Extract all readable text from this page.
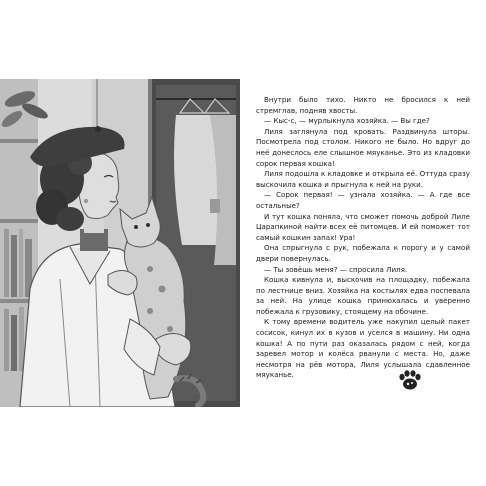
Внутри было тихо. Никто не бросился к ней стремглав, подняв хвосты.

— Кыс-с, — мурлыкнула хозяйка. — Вы где?

Лиля заглянула под кровать. Раздвинула шторы. Посмотрела под столом. Никого не было. Но вдруг до неё донеслось еле слышное мяуканье. Это из кладовки сорок первая кошка!

Лиля подошла к кладовке и открыла её. Оттуда сразу выскочила кошка и прыгнула к ней на руки.

— Сорок первая! — узнала хозяйка. — А где все остальные?

И тут кошка поняла, что сможет помочь доброй Лиле Царапкиной найти всех её питомцев. И ей поможет тот самый кошкин запах! Ура!

Она спрыгнула с рук, побежала к порогу и у самой двери повернулась.

— Ты зовёшь меня? — спросила Лиля.

Кошка кивнула и, выскочив на площадку, побежала по лестнице вниз. Хозяйка на костылях едва поспевала за ней. На улице кошка принюхалась и уверенно побежала к грузовику, стоящему на обочине.

К тому времени водитель уже накупил целый пакет сосисок, кинул их в кузов и уселся в машину. Ни одна кошка! А по пути раз оказалась рядом с ней, когда заревел мотор и колёса рванули с места. Но, даже несмотря на рёв мотора, Лиля услышала сдавленное мяуканье.
